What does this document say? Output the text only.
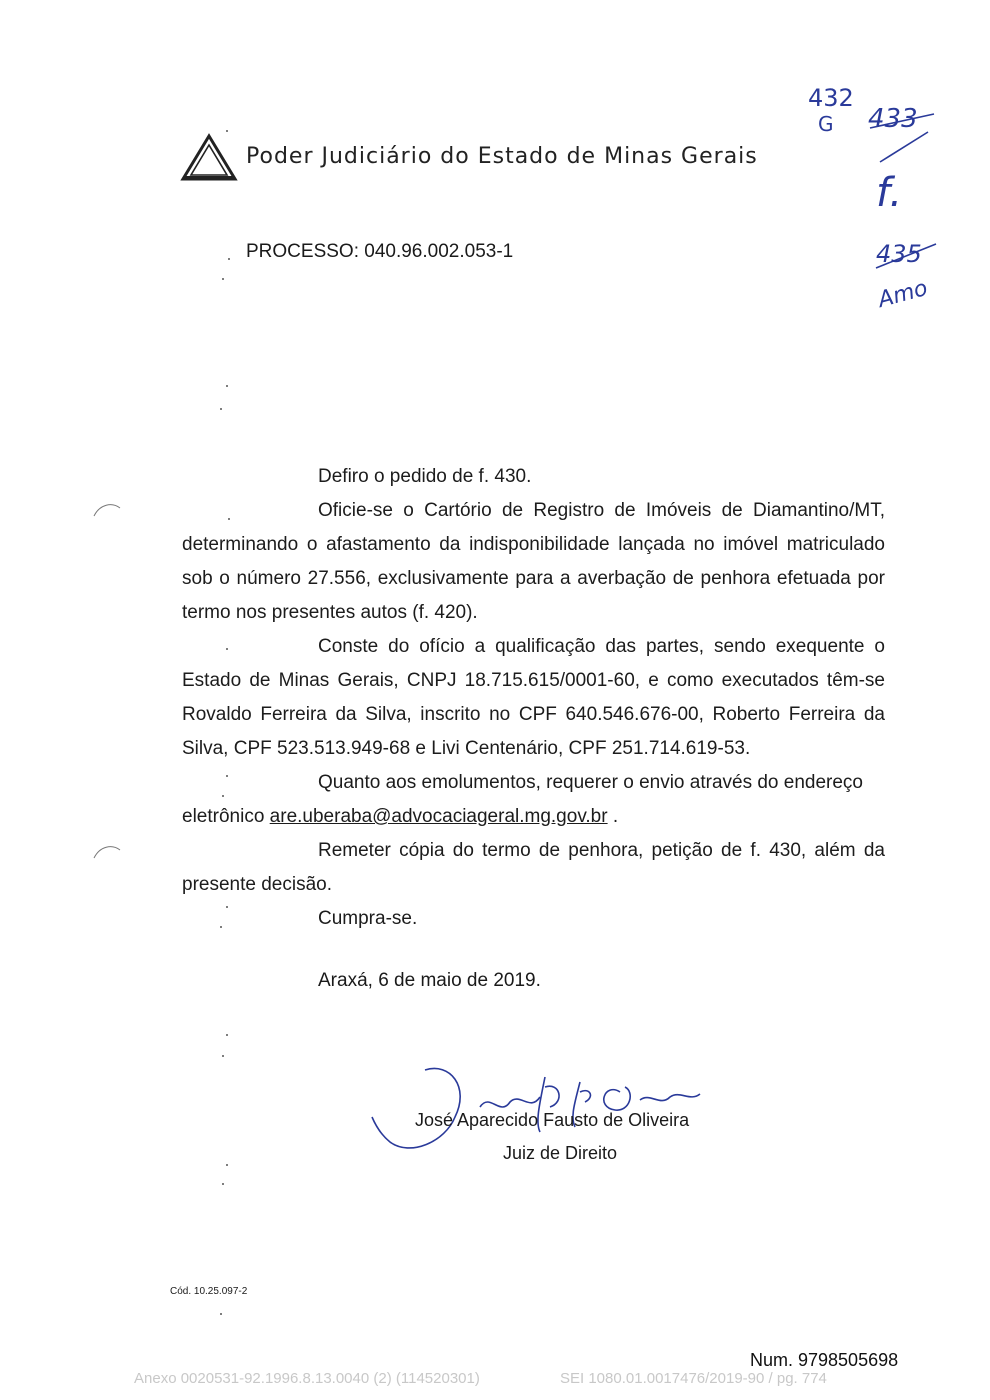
Poder Judiciário do Estado de Minas Gerais
PROCESSO: 040.96.002.053-1

Defiro o pedido de f. 430.

Oficie-se o Cartório de Registro de Imóveis de Diamantino/MT, determinando o afastamento da indisponibilidade lançada no imóvel matriculado sob o número 27.556, exclusivamente para a averbação de penhora efetuada por termo nos presentes autos (f. 420).

Conste do ofício a qualificação das partes, sendo exequente o Estado de Minas Gerais, CNPJ 18.715.615/0001-60, e como executados têm-se Rovaldo Ferreira da Silva, inscrito no CPF 640.546.676-00, Roberto Ferreira da Silva, CPF 523.513.949-68 e Livi Centenário, CPF 251.714.619-53.

Quanto aos emolumentos, requerer o envio através do endereço eletrônico are.uberaba@advocaciageral.mg.gov.br .

Remeter cópia do termo de penhora, petição de f. 430, além da presente decisão.

Cumpra-se.

Araxá, 6 de maio de 2019.
José Aparecido Fausto de Oliveira
Juiz de Direito
Cód. 10.25.097-2
Num. 9798505698
Anexo 0020531-92.1996.8.13.0040 (2) (114520301)	SEI 1080.01.0017476/2019-90 / pg. 774
432
G 433
f.
435
Amo
